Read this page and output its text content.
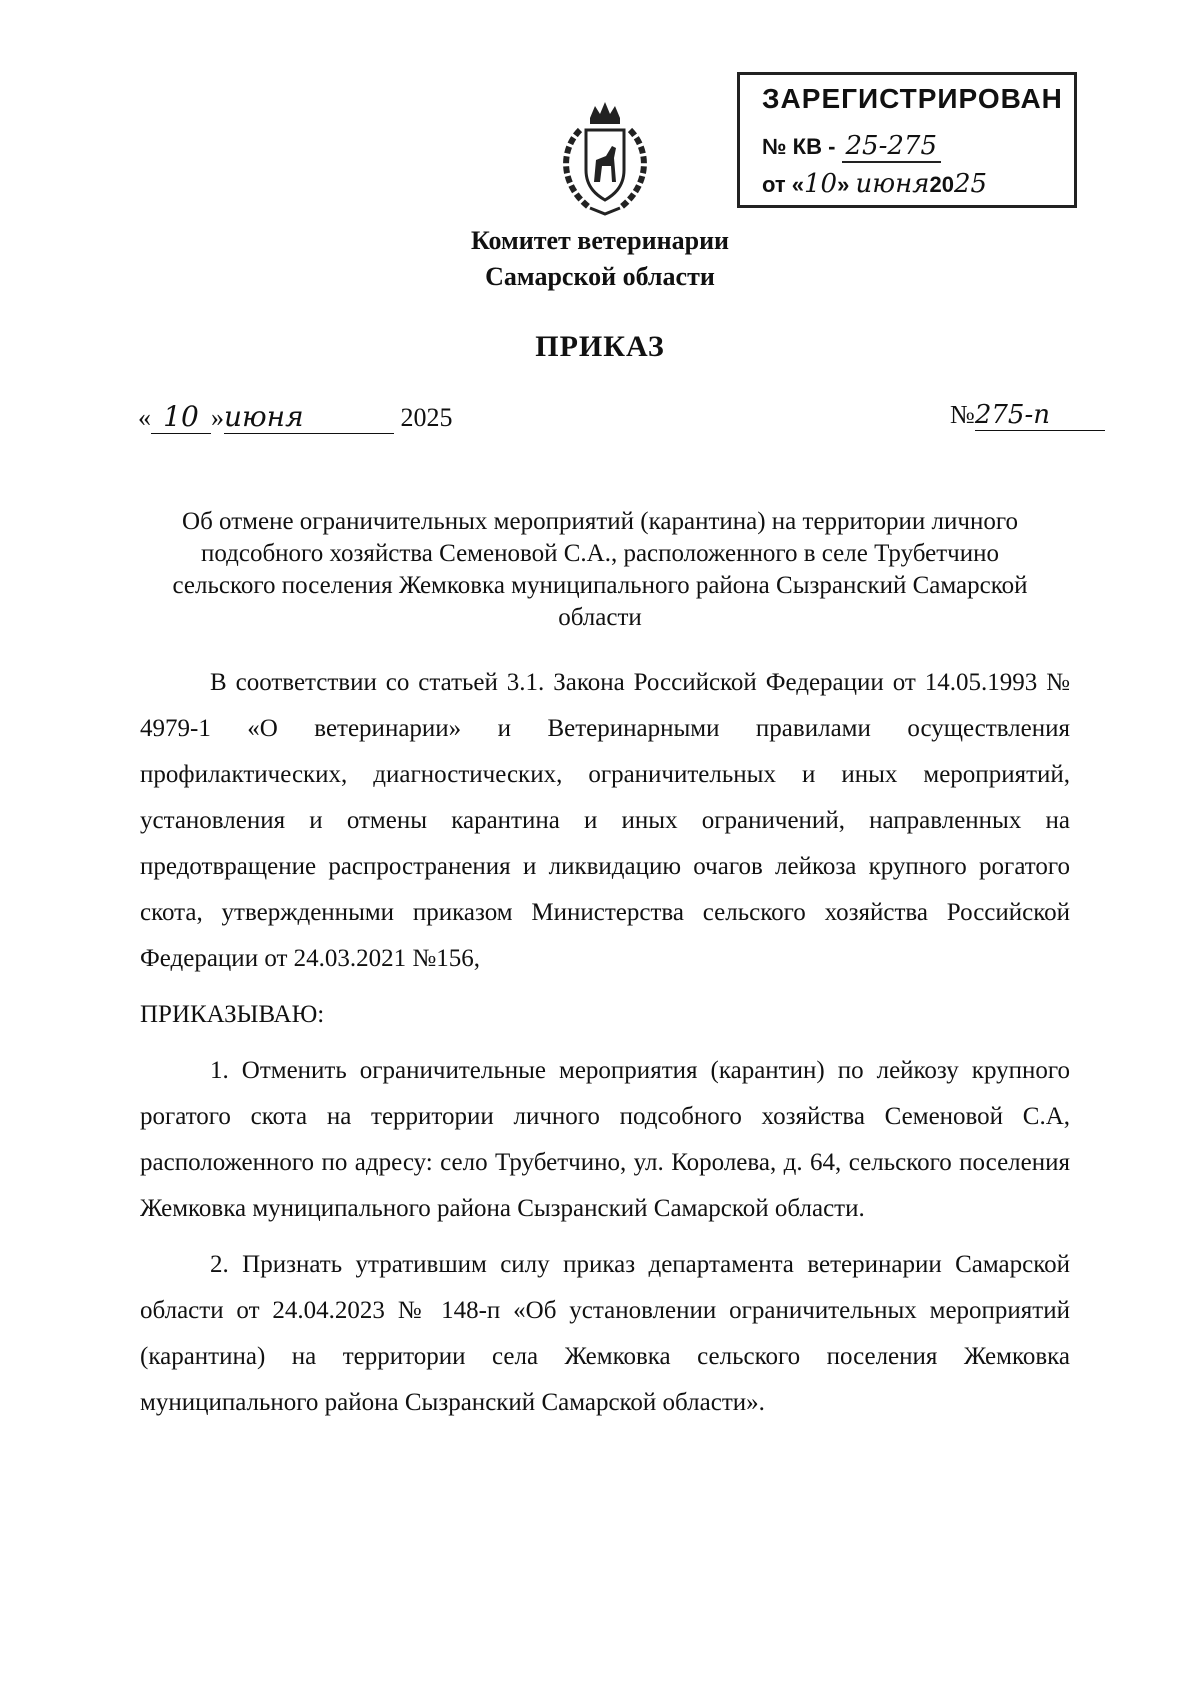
ЗАРЕГИСТРИРОВАН
№ КВ - 25-275
от «10» июня2025
Комитет ветеринарии
Самарской области
ПРИКАЗ
« 10 »июня	2025	№275-п
Об отмене ограничительных мероприятий (карантина) на территории личного подсобного хозяйства Семеновой С.А., расположенного в селе Трубетчино сельского поселения Жемковка муниципального района Сызранский Самарской области

В соответствии со статьей 3.1. Закона Российской Федерации от 14.05.1993 № 4979-1 «О ветеринарии» и Ветеринарными правилами осуществления профилактических, диагностических, ограничительных и иных мероприятий, установления и отмены карантина и иных ограничений, направленных на предотвращение распространения и ликвидацию очагов лейкоза крупного рогатого скота, утвержденными приказом Министерства сельского хозяйства Российской Федерации от 24.03.2021 №156,

ПРИКАЗЫВАЮ:

1. Отменить ограничительные мероприятия (карантин) по лейкозу крупного рогатого скота на территории личного подсобного хозяйства Семеновой С.А, расположенного по адресу: село Трубетчино, ул. Королева, д. 64, сельского поселения Жемковка муниципального района Сызранский Самарской области.

2. Признать утратившим силу приказ департамента ветеринарии Самарской области от 24.04.2023 № 148-п «Об установлении ограничительных мероприятий (карантина) на территории села Жемковка сельского поселения Жемковка муниципального района Сызранский Самарской области».
